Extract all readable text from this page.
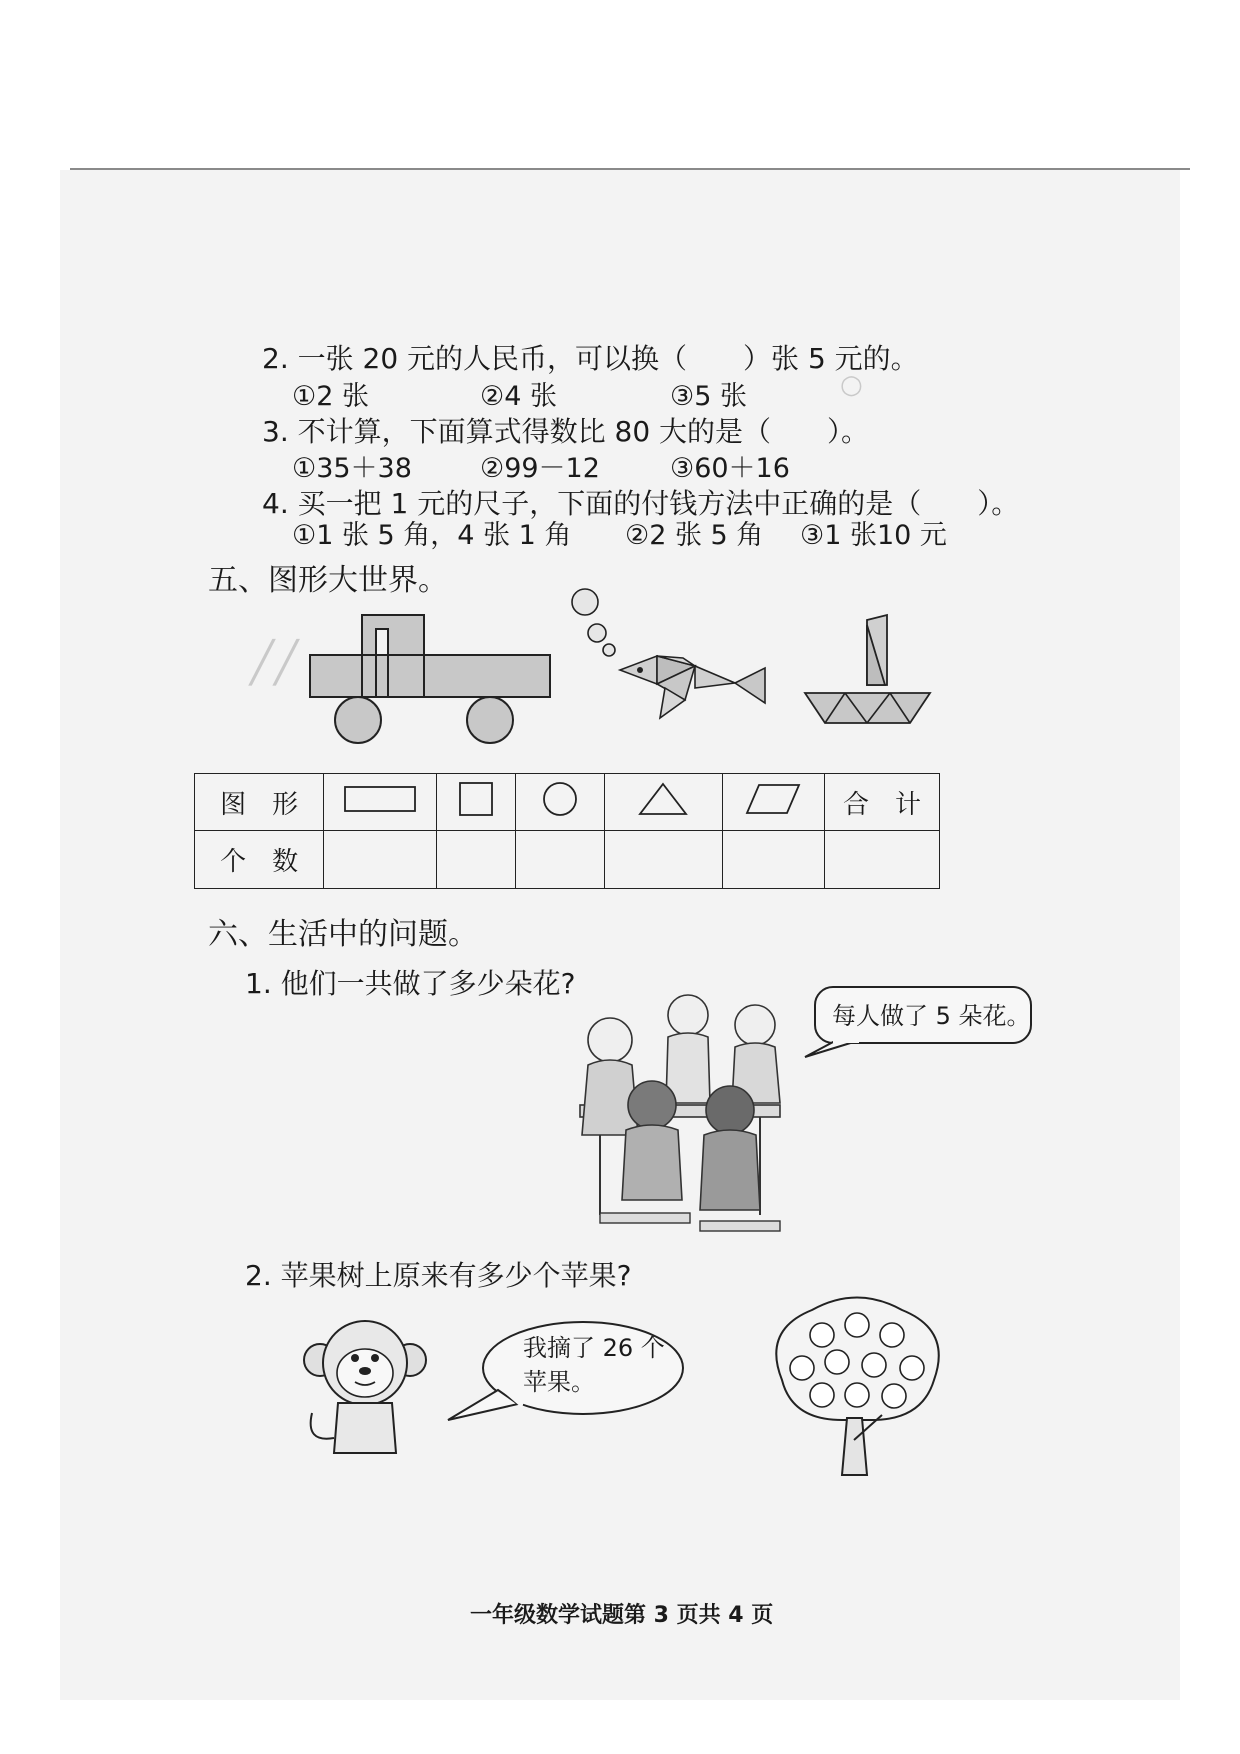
○
╱╱
2. 一张 20 元的人民币，可以换（　　）张 5 元的。
①2 张	②4 张	③5 张
3. 不计算，下面算式得数比 80 大的是（　　）。
①35＋38	②99－12	③60＋16
4. 买一把 1 元的尺子，下面的付钱方法中正确的是（　　）。
①1 张 5 角，4 张 1 角 ②2 张 5 角 ③1 张10 元
五、图形大世界。
图　形						合　计
个　数						
六、生活中的问题。
1. 他们一共做了多少朵花?
每人做了 5 朵花。
2. 苹果树上原来有多少个苹果?
我摘了 26 个
苹果。
一年级数学试题第 3 页共 4 页
